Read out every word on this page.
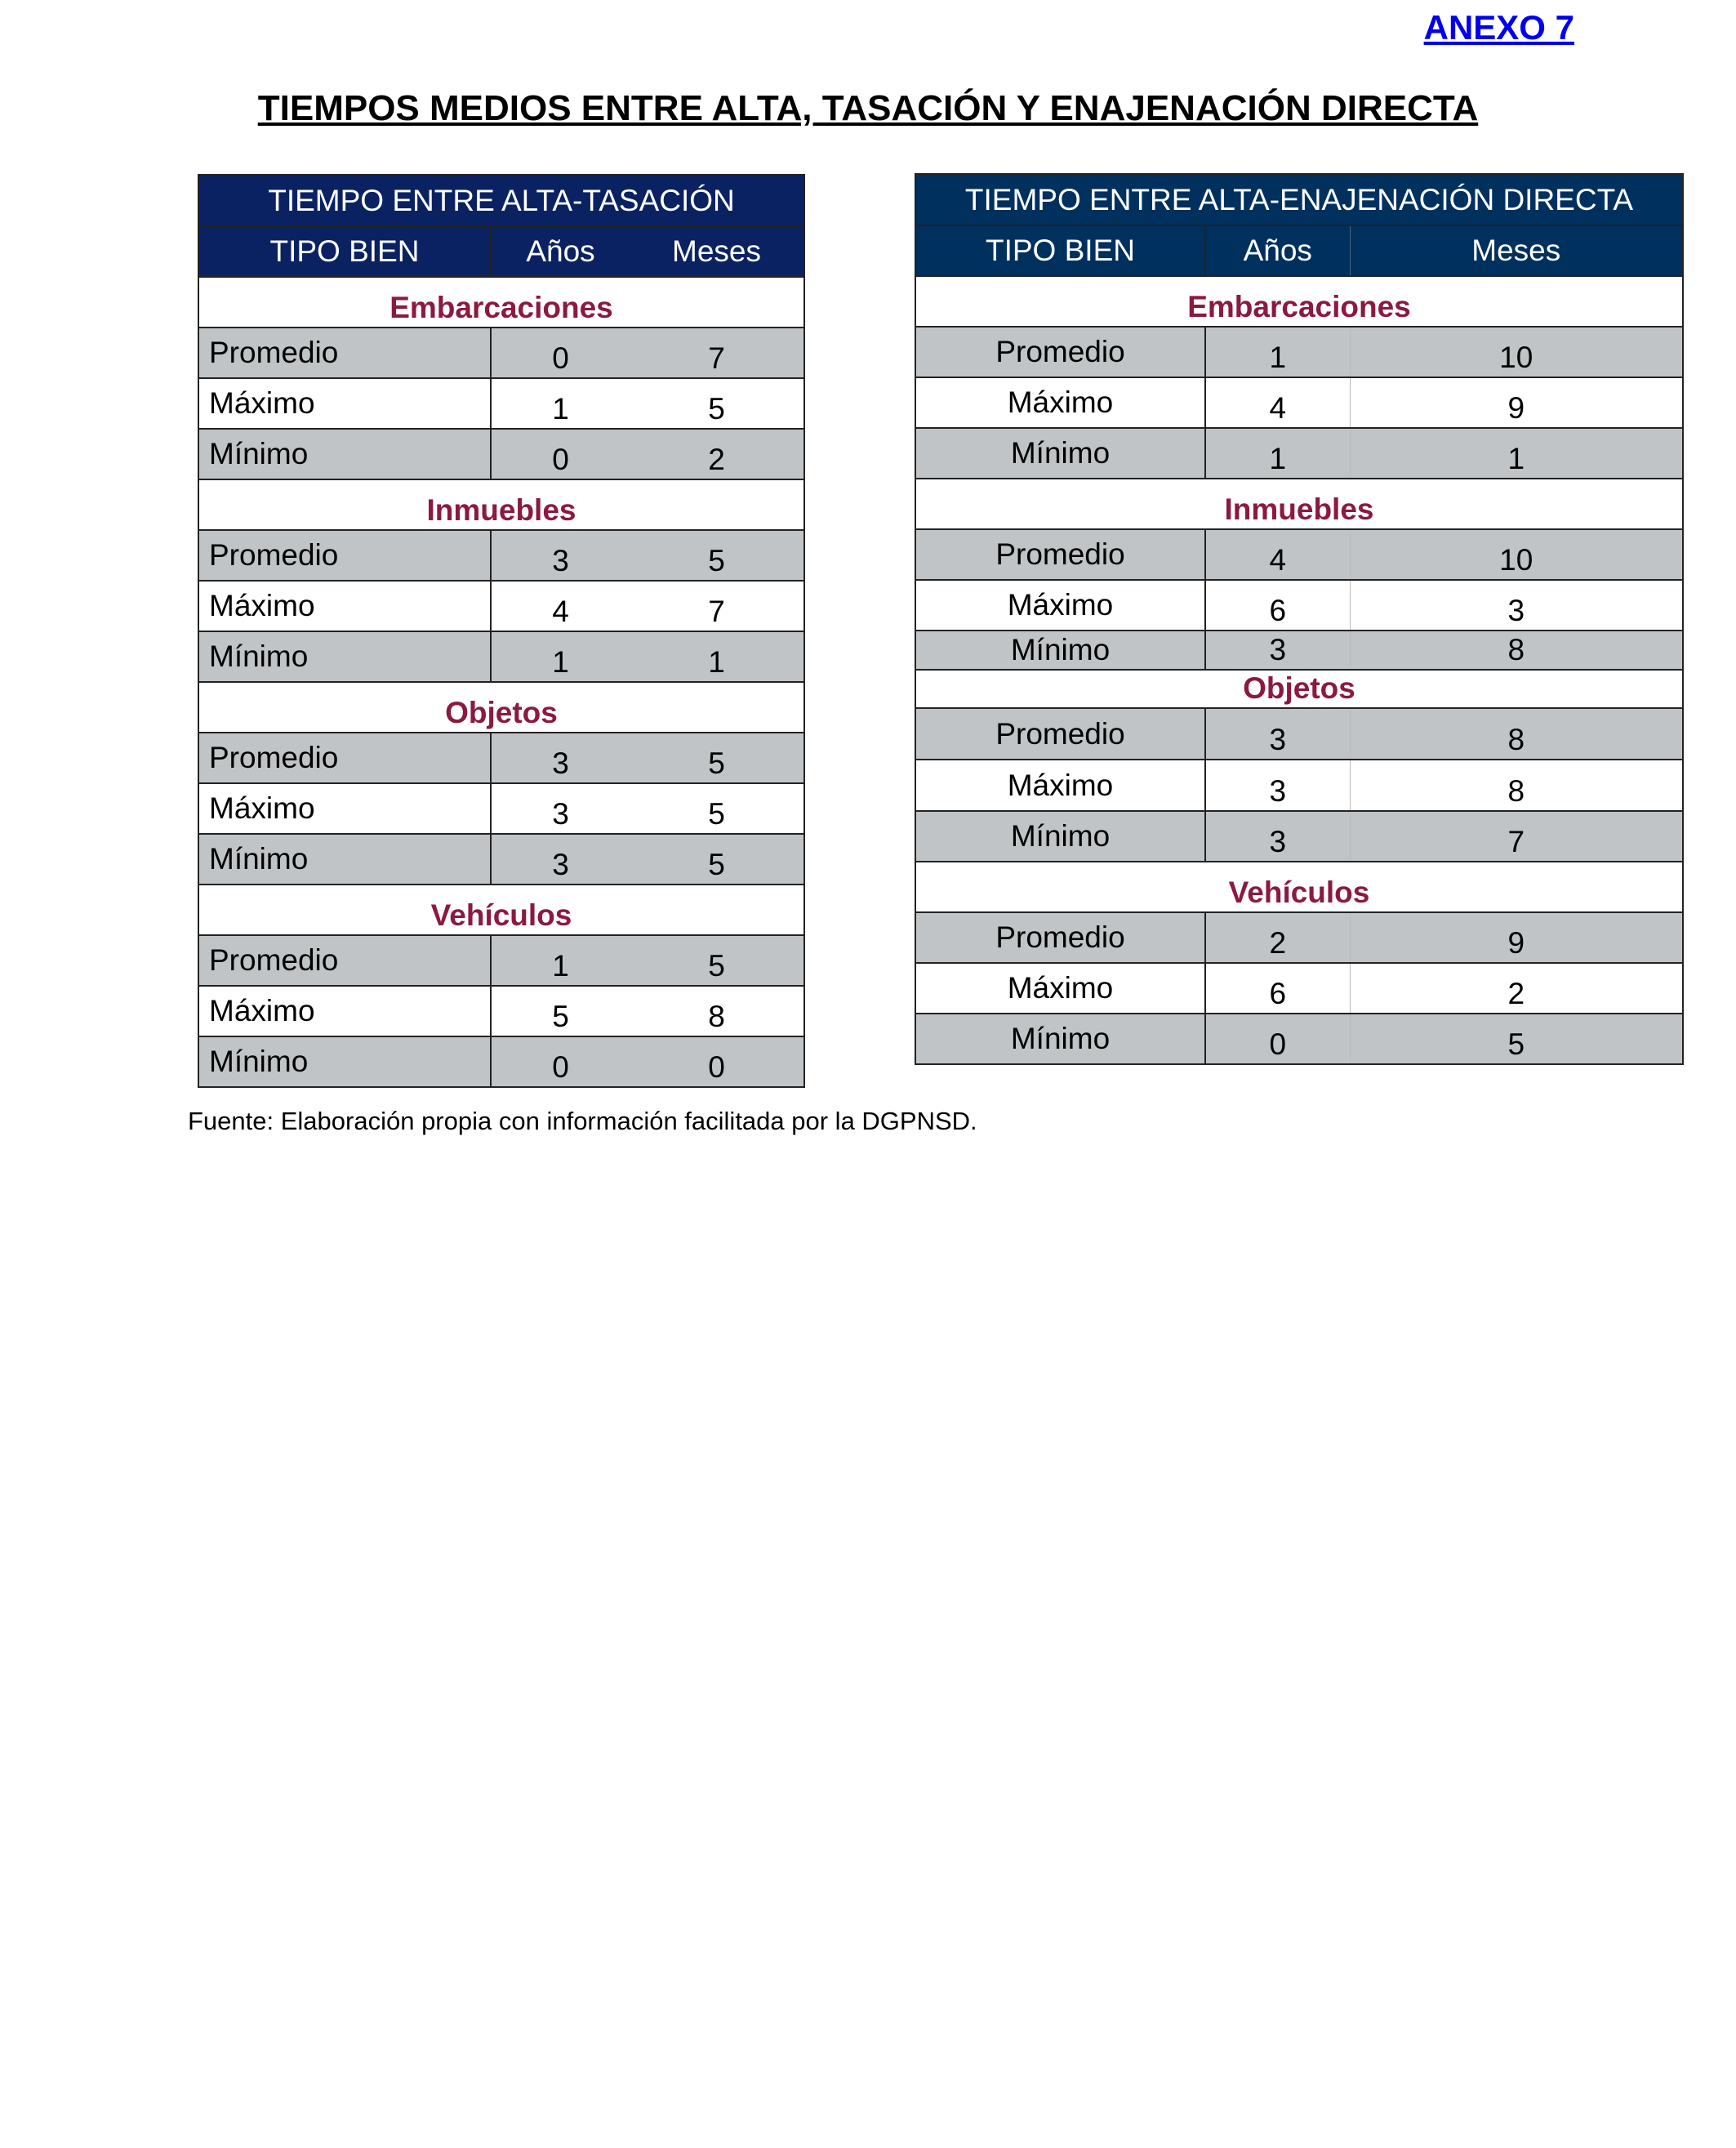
ANEXO 7
TIEMPOS MEDIOS ENTRE ALTA, TASACIÓN Y ENAJENACIÓN DIRECTA
TIEMPO ENTRE ALTA-TASACIÓN		
TIPO BIEN	Años	Meses
Embarcaciones		
Promedio	0	7
Máximo	1	5
Mínimo	0	2
Inmuebles		
Promedio	3	5
Máximo	4	7
Mínimo	1	1
Objetos		
Promedio	3	5
Máximo	3	5
Mínimo	3	5
Vehículos		
Promedio	1	5
Máximo	5	8
Mínimo	0	0
TIEMPO ENTRE ALTA-ENAJENACIÓN DIRECTA		
TIPO BIEN	Años	Meses
Embarcaciones		
Promedio	1	10
Máximo	4	9
Mínimo	1	1
Inmuebles		
Promedio	4	10
Máximo	6	3
Mínimo	3	8
Objetos		
Promedio	3	8
Máximo	3	8
Mínimo	3	7
Vehículos		
Promedio	2	9
Máximo	6	2
Mínimo	0	5
Fuente: Elaboración propia con información facilitada por la DGPNSD.
